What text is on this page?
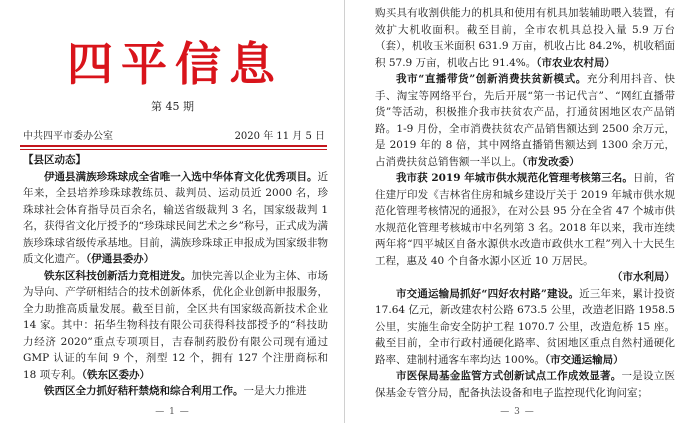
四平信息
第 45 期
中共四平市委办公室	2020 年 11 月 5 日

【县区动态】

伊通县满族珍珠球成全省唯一入选中华体育文化优秀项目。近年来，全县培养珍珠球教练员、裁判员、运动员近 2000 名，珍珠球社会体育指导员百余名，输送省级裁判 3 名，国家级裁判 1 名，获得省文化厅授予的“珍珠球民间艺术之乡”称号，正式成为满族珍珠球省级传承基地。目前，满族珍珠球正申报成为国家级非物质文化遗产。（伊通县委办）

铁东区科技创新活力竞相迸发。加快完善以企业为主体、市场为导向、产学研相结合的技术创新体系，优化企业创新申报服务，全力助推高质量发展。截至目前，全区共有国家级高新技术企业 14 家。其中：拓华生物科技有限公司获得科技部授予的“科技助力经济 2020”重点专项项目，吉春制药股份有限公司现有通过 GMP 认证的车间 9 个，剂型 12 个，拥有 127 个注册商标和 18 项专利。（铁东区委办）

铁西区全力抓好秸秆禁烧和综合利用工作。一是大力推进

— 1 —

购买具有收割供能力的机具和使用有机具加装辅助喂入装置，有效扩大机收面积。截至目前，全市农机具总投入量 5.9 万台（套），机收玉米面积 631.9 万亩，机收占比 84.2%，机收稻面积 57.9 万亩，机收占比 91.4%。（市农业农村局）

我市“直播带货”创新消费扶贫新模式。充分利用抖音、快手、淘宝等网络平台，先后开展“第一书记代言”、“网红直播带货”等活动，积极推介我市扶贫农产品，打通贫困地区农产品销路。1-9 月份，全市消费扶贫农产品销售额达到 2500 余万元，是 2019 年的 8 倍，其中网络直播销售额达到 1300 余万元，占消费扶贫总销售额一半以上。（市发改委）

我市获 2019 年城市供水规范化管理考核第三名。日前，省住建厅印发《吉林省住房和城乡建设厅关于 2019 年城市供水规范化管理考核情况的通报》，在对公县 95 分在全省 47 个城市供水规范化管理考核城市中名列第 3 名。2018 年以来，我市连续两年将“四平城区自备水源供水改造市政供水工程”列入十大民生工程，惠及 40 个自备水源小区近 10 万居民。

（市水利局）

市交通运输局抓好“四好农村路”建设。近三年来，累计投资 17.64 亿元，新改建农村公路 673.5 公里，改造老旧路 1958.5 公里，实施生命安全防护工程 1070.7 公里，改造危桥 15 座。截至目前，全市行政村通硬化路率、贫困地区重点自然村通硬化路率、建制村通客车率均达 100%。（市交通运输局）

市医保局基金监管方式创新试点工作成效显著。一是设立医保基金专管分局，配备执法设备和电子监控现代化询问室；

— 3 —
